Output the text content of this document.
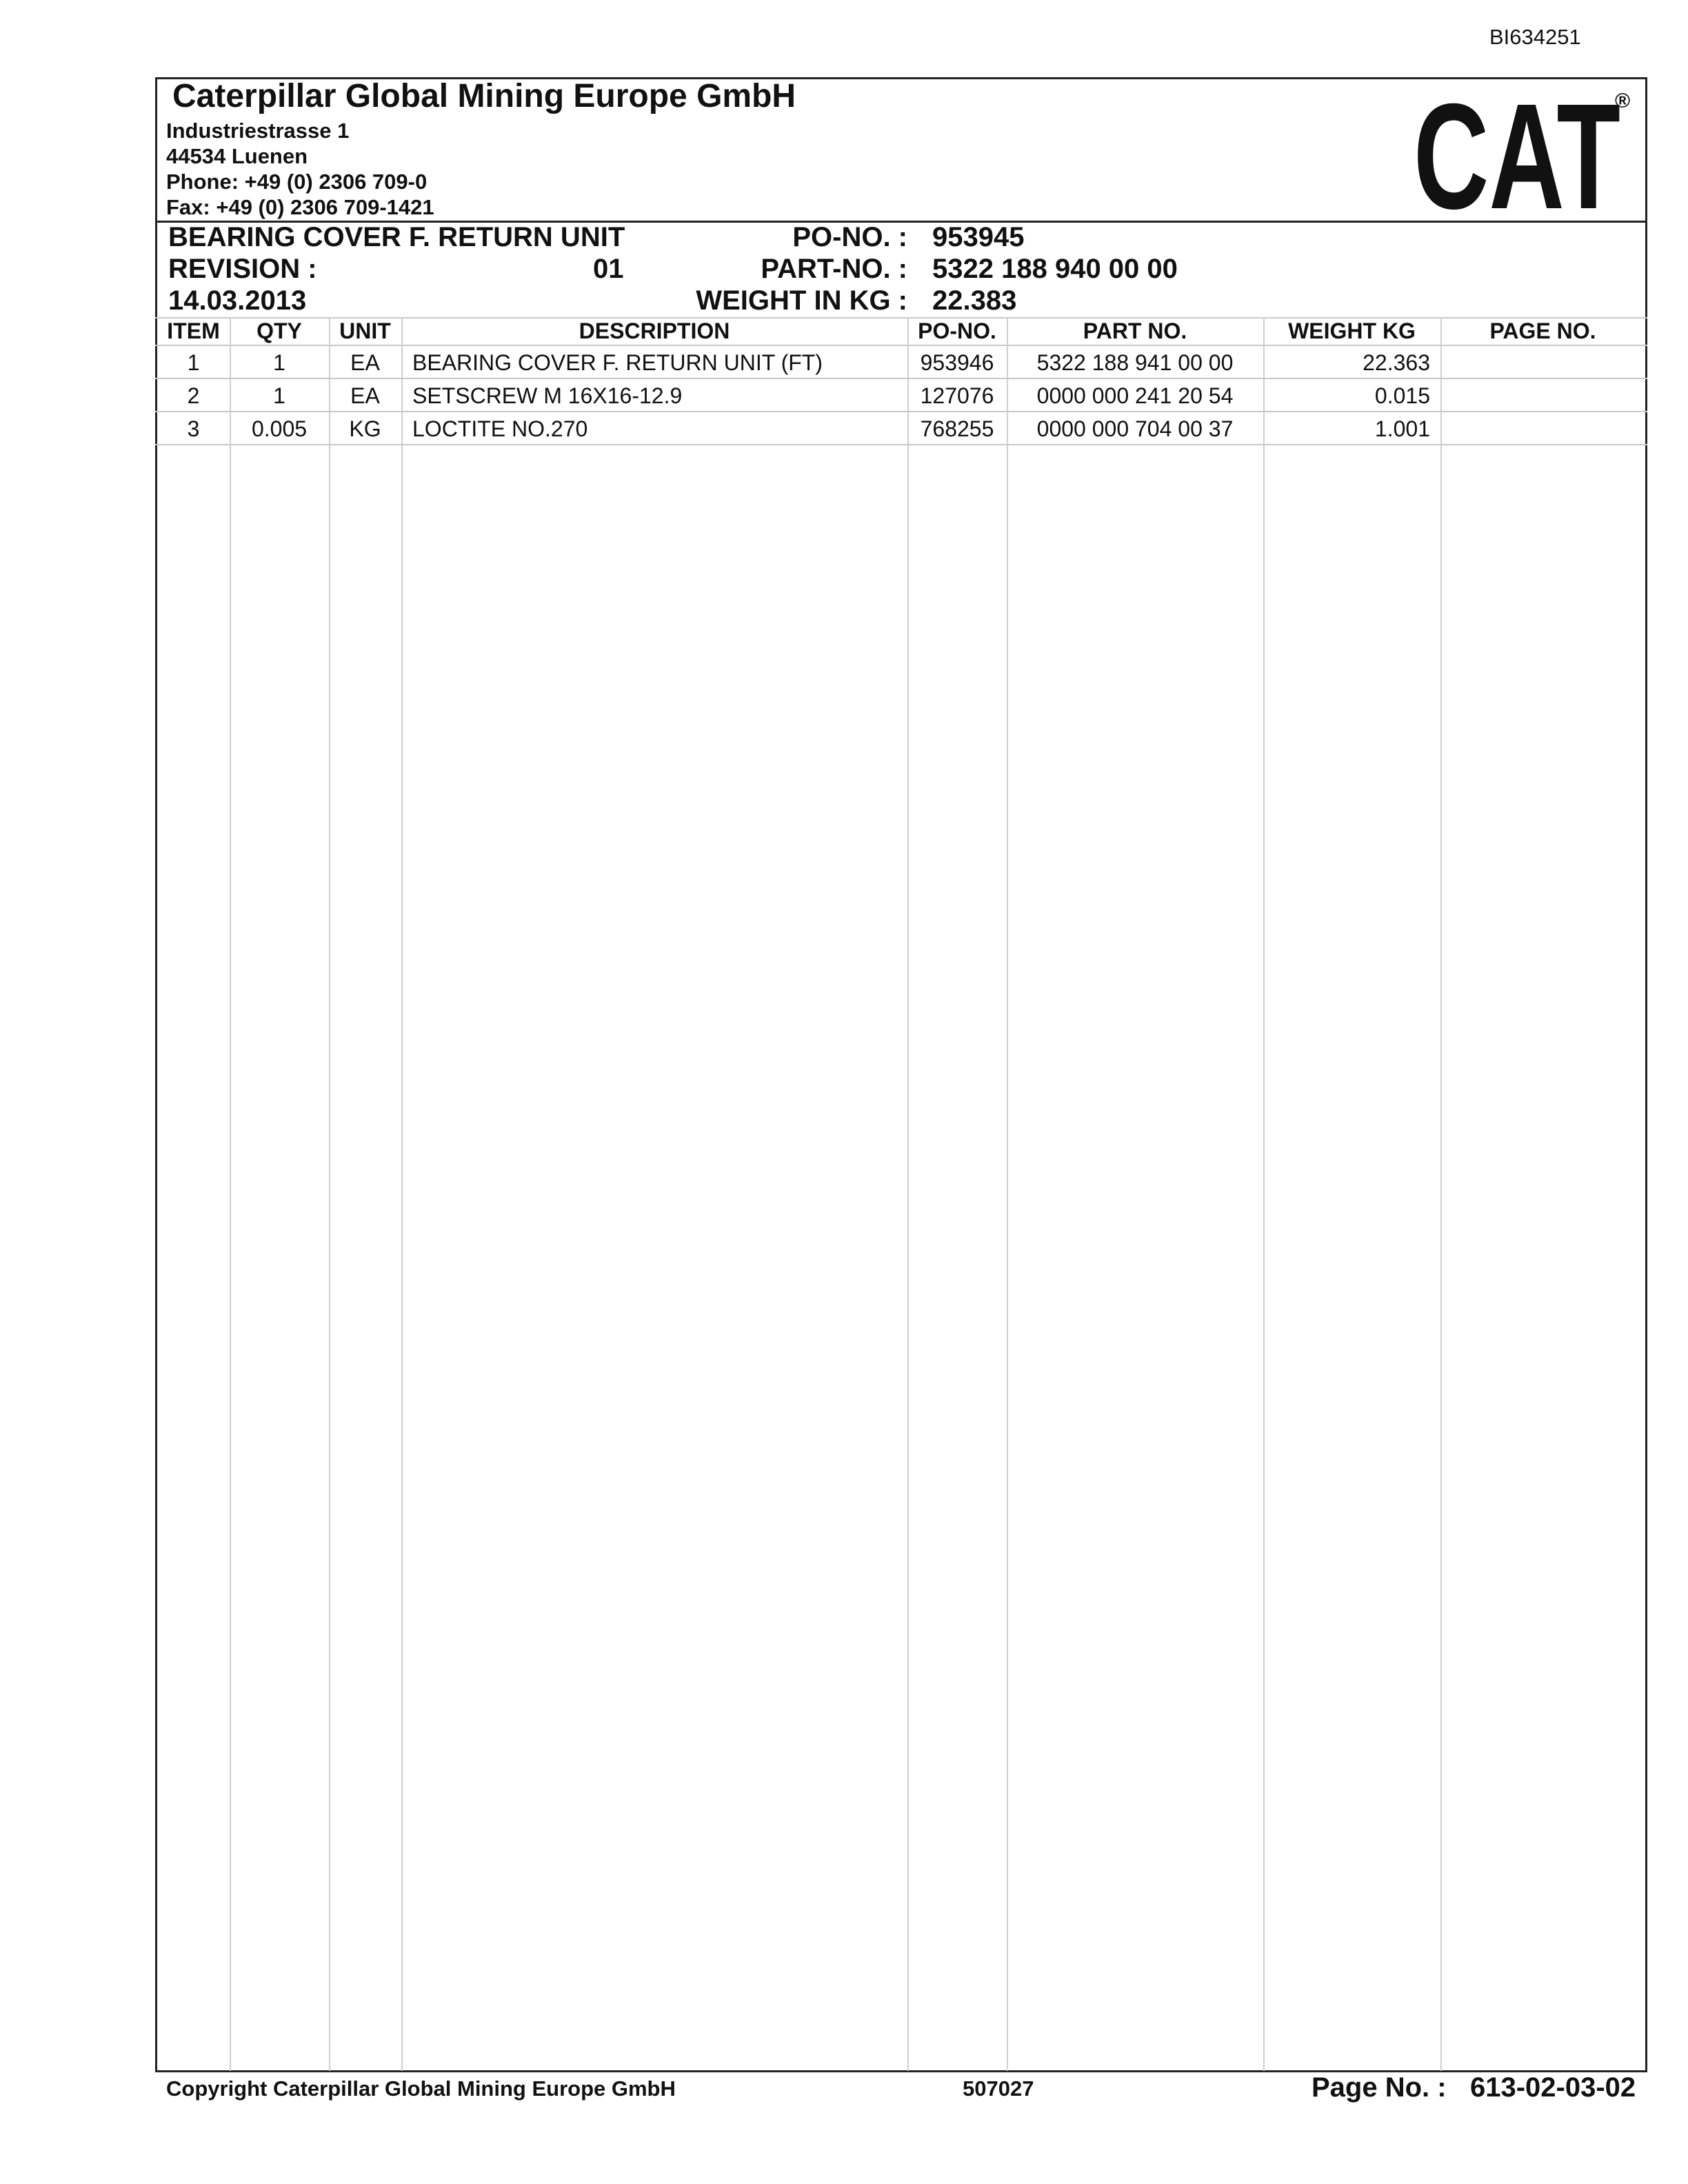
BI634251
Caterpillar Global Mining Europe GmbH
Industriestrasse 1
44534 Luenen
Phone: +49 (0) 2306 709-0
Fax: +49 (0) 2306 709-1421	CAT
®
BEARING COVER F. RETURN UNIT
REVISION :	01
14.03.2013
PO-NO. : 953945
PART-NO. : 5322 188 940 00 00
WEIGHT IN KG : 22.383
ITEM	QTY	UNIT	DESCRIPTION	PO-NO.	PART NO.	WEIGHT KG	PAGE NO.
1	1	EA	BEARING COVER F. RETURN UNIT (FT)	953946	5322 188 941 00 00	22.363
2	1	EA	SETSCREW M 16X16-12.9	127076	0000 000 241 20 54	0.015
3	0.005	KG	LOCTITE NO.270	768255	0000 000 704 00 37	1.001
Copyright Caterpillar Global Mining Europe GmbH	507027	Page No. : 613-02-03-02
